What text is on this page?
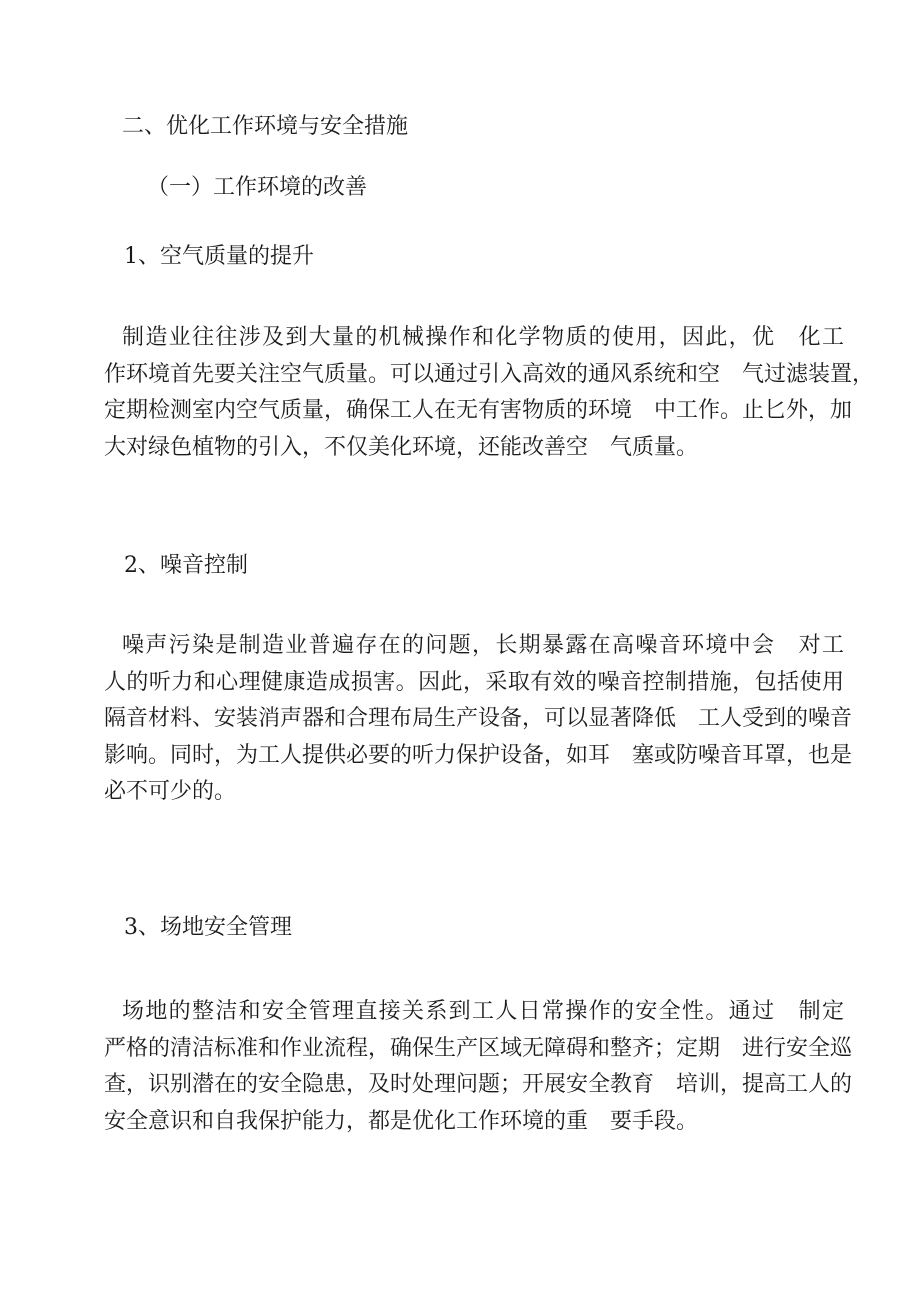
二、优化工作环境与安全措施
（一）工作环境的改善
1、空气质量的提升
制造业往往涉及到大量的机械操作和化学物质的使用，因此，优　化工
作环境首先要关注空气质量。可以通过引入高效的通风系统和空　气过滤装置，
定期检测室内空气质量，确保工人在无有害物质的环境　中工作。止匕外，加
大对绿色植物的引入，不仅美化环境，还能改善空　气质量。
2、噪音控制
噪声污染是制造业普遍存在的问题，长期暴露在高噪音环境中会　对工
人的听力和心理健康造成损害。因此，采取有效的噪音控制措施，包括使用
隔音材料、安装消声器和合理布局生产设备，可以显著降低　工人受到的噪音
影响。同时，为工人提供必要的听力保护设备，如耳　塞或防噪音耳罩，也是
必不可少的。
3、场地安全管理
场地的整洁和安全管理直接关系到工人日常操作的安全性。通过　制定
严格的清洁标准和作业流程，确保生产区域无障碍和整齐；定期　进行安全巡
查，识别潜在的安全隐患，及时处理问题；开展安全教育　培训，提高工人的
安全意识和自我保护能力，都是优化工作环境的重　要手段。
